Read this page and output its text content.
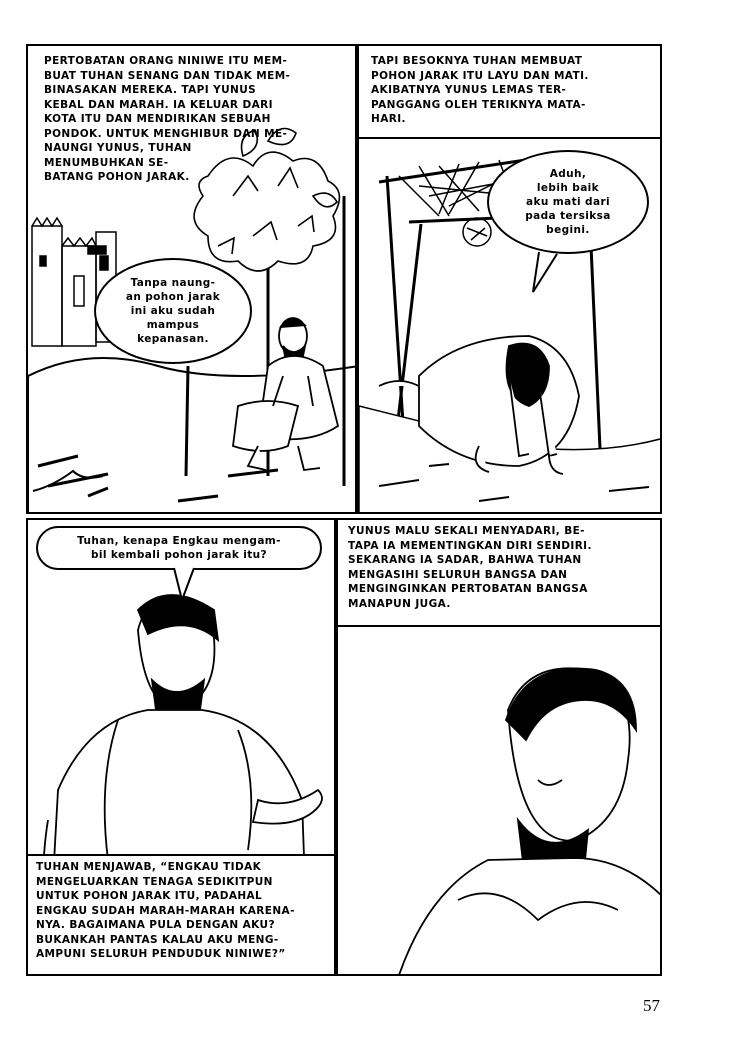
PERTOBATAN ORANG NINIWE ITU MEM-
BUAT TUHAN SENANG DAN TIDAK MEM-
BINASAKAN MEREKA. TAPI YUNUS
KEBAL DAN MARAH. IA KELUAR DARI
KOTA ITU DAN MENDIRIKAN SEBUAH
PONDOK. UNTUK MENGHIBUR DAN ME-
NAUNGI YUNUS, TUHAN
MENUMBUHKAN SE-
BATANG POHON JARAK.
Tanpa naung-
an pohon jarak
ini aku sudah
mampus
kepanasan.
TAPI BESOKNYA TUHAN MEMBUAT
POHON JARAK ITU LAYU DAN MATI.
AKIBATNYA YUNUS LEMAS TER-
PANGGANG OLEH TERIKNYA MATA-
HARI.
Aduh,
lebih baik
aku mati dari
pada tersiksa
begini.
Tuhan, kenapa Engkau mengam-
bil kembali pohon jarak itu?
TUHAN MENJAWAB, “ENGKAU TIDAK
MENGELUARKAN TENAGA SEDIKITPUN
UNTUK POHON JARAK ITU, PADAHAL
ENGKAU SUDAH MARAH-MARAH KARENA-
NYA. BAGAIMANA PULA DENGAN AKU?
BUKANKAH PANTAS KALAU AKU MENG-
AMPUNI SELURUH PENDUDUK NINIWE?”
YUNUS MALU SEKALI MENYADARI, BE-
TAPA IA MEMENTINGKAN DIRI SENDIRI.
SEKARANG IA SADAR, BAHWA TUHAN
MENGASIHI SELURUH BANGSA DAN
MENGINGINKAN PERTOBATAN BANGSA
MANAPUN JUGA.
57
